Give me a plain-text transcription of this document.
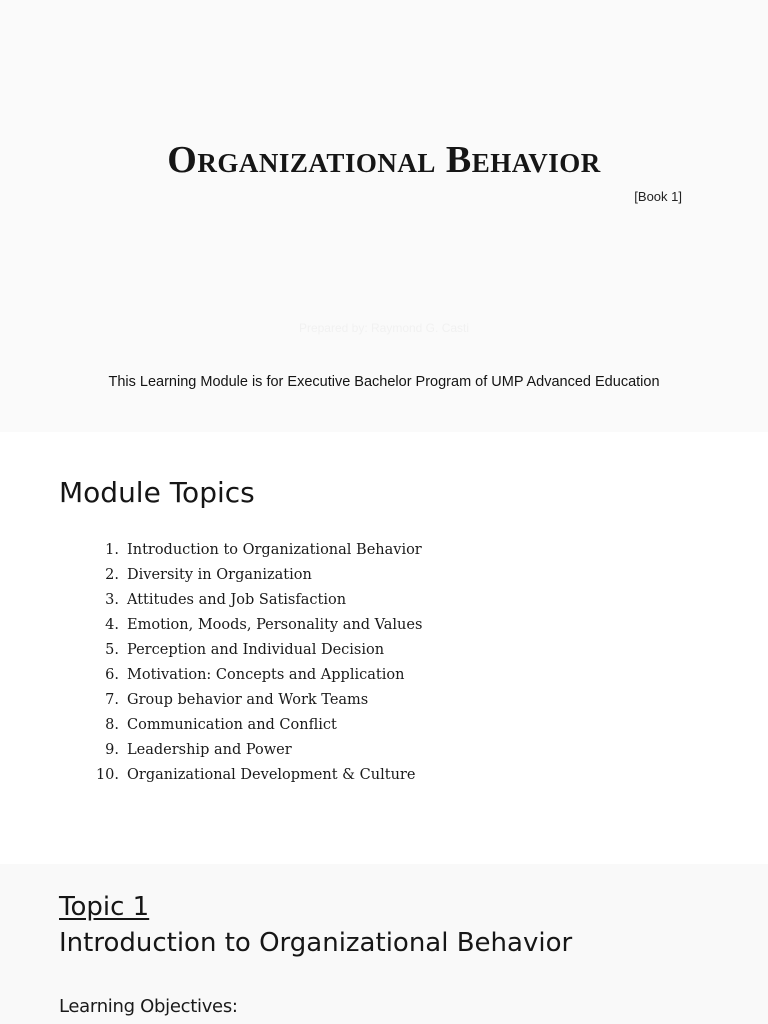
Organizational Behavior
[Book 1]
Prepared by: Raymond G. Casti
This Learning Module is for Executive Bachelor Program of UMP Advanced Education
Module Topics
1. Introduction to Organizational Behavior
2. Diversity in Organization
3. Attitudes and Job Satisfaction
4. Emotion, Moods, Personality and Values
5. Perception and Individual Decision
6. Motivation: Concepts and Application
7. Group behavior and Work Teams
8. Communication and Conflict
9. Leadership and Power
10. Organizational Development & Culture
Topic 1
Introduction to Organizational Behavior
Learning Objectives:
